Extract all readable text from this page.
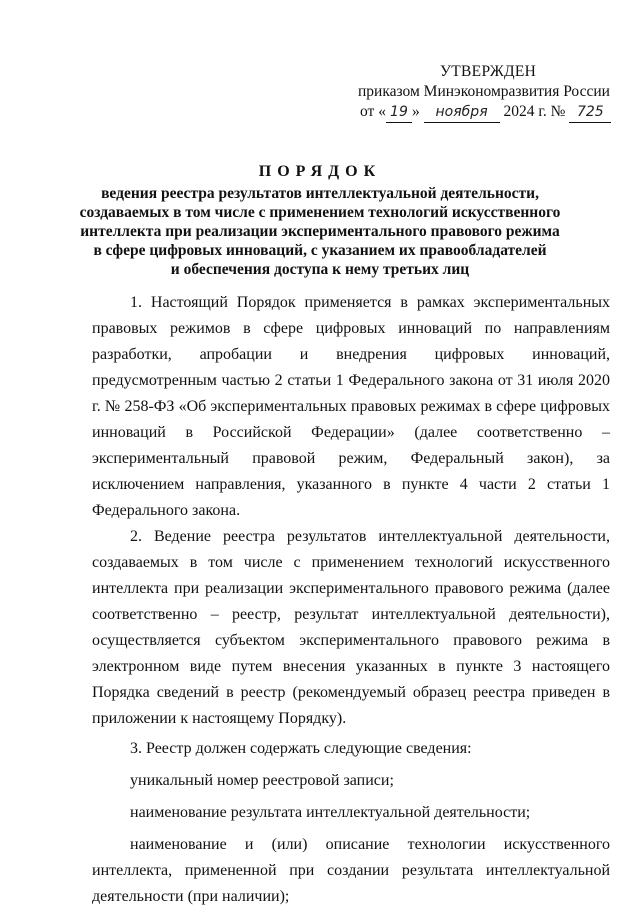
УТВЕРЖДЕН
приказом Минэкономразвития России
от « 19 » ноября 2024 г. № 725
ПОРЯДОК
ведения реестра результатов интеллектуальной деятельности,
создаваемых в том числе с применением технологий искусственного
интеллекта при реализации экспериментального правового режима
в сфере цифровых инноваций, с указанием их правообладателей
и обеспечения доступа к нему третьих лиц

1. Настоящий Порядок применяется в рамках экспериментальных правовых режимов в сфере цифровых инноваций по направлениям разработки, апробации и внедрения цифровых инноваций, предусмотренным частью 2 статьи 1 Федерального закона от 31 июля 2020 г. № 258-ФЗ «Об экспериментальных правовых режимах в сфере цифровых инноваций в Российской Федерации» (далее соответственно – экспериментальный правовой режим, Федеральный закон), за исключением направления, указанного в пункте 4 части 2 статьи 1 Федерального закона.

2. Ведение реестра результатов интеллектуальной деятельности, создаваемых в том числе с применением технологий искусственного интеллекта при реализации экспериментального правового режима (далее соответственно – реестр, результат интеллектуальной деятельности), осуществляется субъектом экспериментального правового режима в электронном виде путем внесения указанных в пункте 3 настоящего Порядка сведений в реестр (рекомендуемый образец реестра приведен в приложении к настоящему Порядку).

3. Реестр должен содержать следующие сведения:

уникальный номер реестровой записи;
наименование результата интеллектуальной деятельности;

наименование и (или) описание технологии искусственного интеллекта, примененной при создании результата интеллектуальной деятельности (при наличии);
